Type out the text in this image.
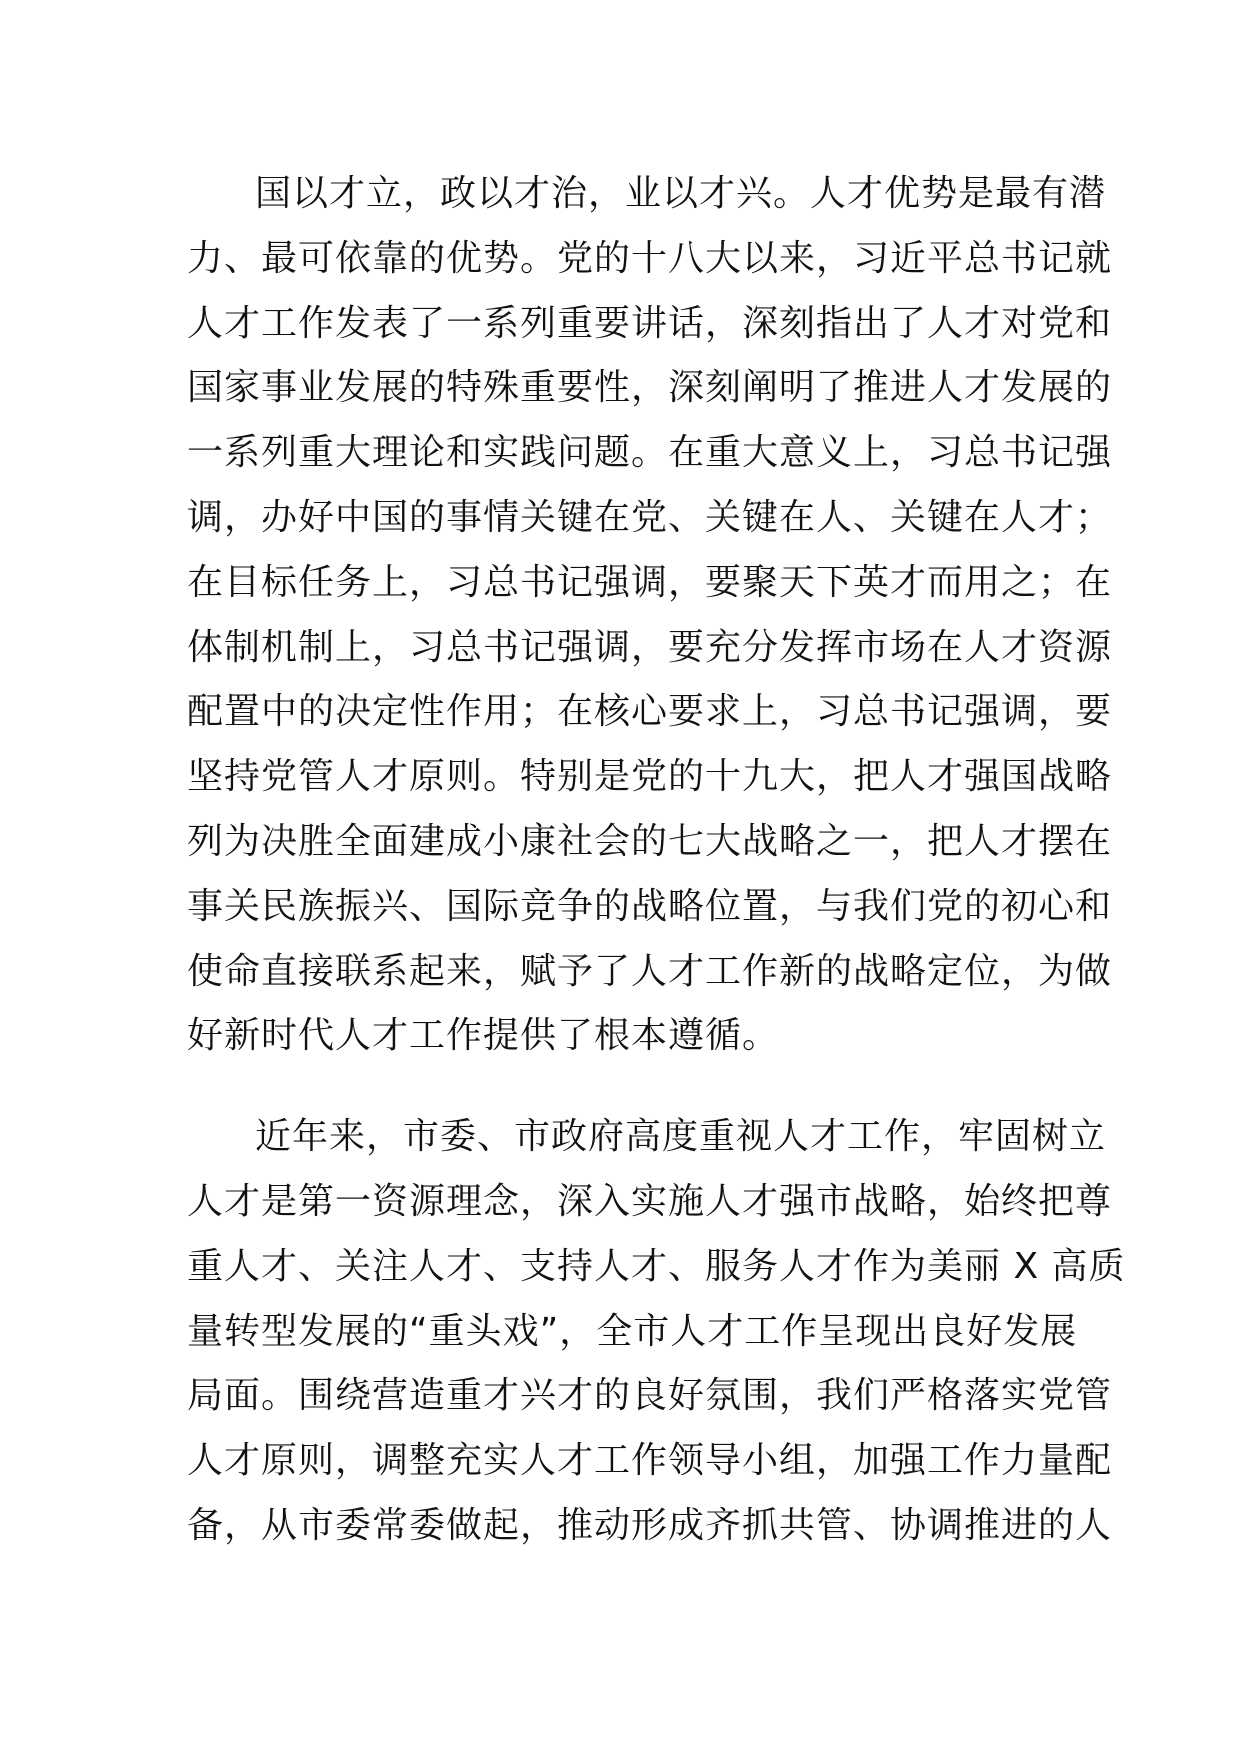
国以才立，政以才治，业以才兴。人才优势是最有潜
力、最可依靠的优势。党的十八大以来，习近平总书记就
人才工作发表了一系列重要讲话，深刻指出了人才对党和
国家事业发展的特殊重要性，深刻阐明了推进人才发展的
一系列重大理论和实践问题。在重大意义上，习总书记强
调，办好中国的事情关键在党、关键在人、关键在人才；
在目标任务上，习总书记强调，要聚天下英才而用之；在
体制机制上，习总书记强调，要充分发挥市场在人才资源
配置中的决定性作用；在核心要求上，习总书记强调，要
坚持党管人才原则。特别是党的十九大，把人才强国战略
列为决胜全面建成小康社会的七大战略之一，把人才摆在
事关民族振兴、国际竞争的战略位置，与我们党的初心和
使命直接联系起来，赋予了人才工作新的战略定位，为做
好新时代人才工作提供了根本遵循。
近年来，市委、市政府高度重视人才工作，牢固树立
人才是第一资源理念，深入实施人才强市战略，始终把尊
重人才、关注人才、支持人才、服务人才作为美丽 X 高质
量转型发展的“重头戏”，全市人才工作呈现出良好发展
局面。围绕营造重才兴才的良好氛围，我们严格落实党管
人才原则，调整充实人才工作领导小组，加强工作力量配
备，从市委常委做起，推动形成齐抓共管、协调推进的人
